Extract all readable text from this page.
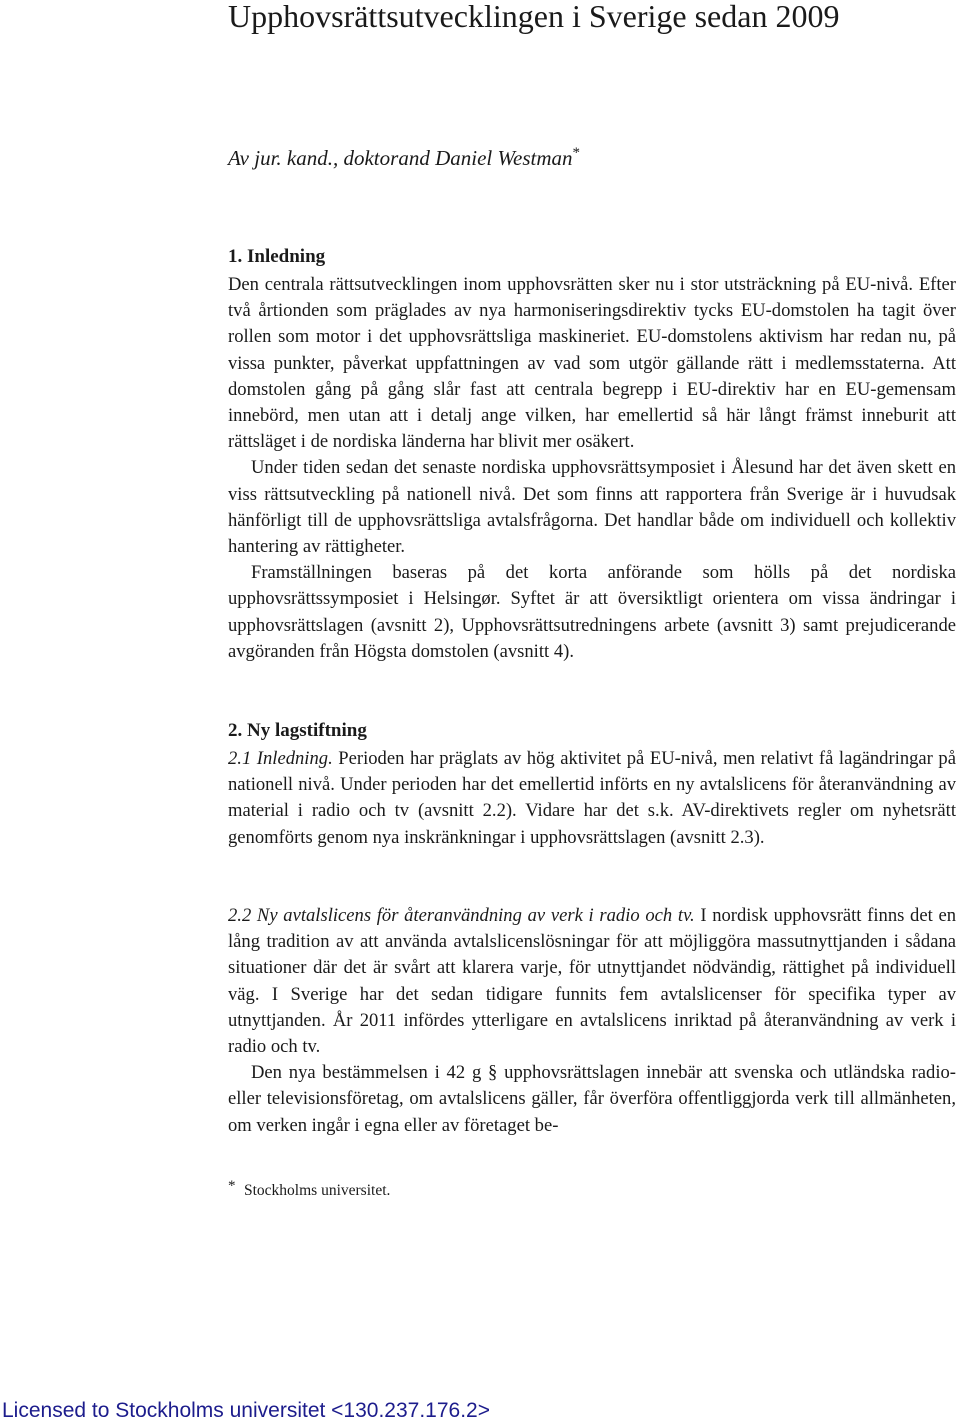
Upphovsrättsutvecklingen i Sverige sedan 2009
Av jur. kand., doktorand Daniel Westman*
1. Inledning

Den centrala rättsutvecklingen inom upphovsrätten sker nu i stor utsträckning på EU-nivå. Efter två årtionden som präglades av nya harmoniseringsdirektiv tycks EU-domstolen ha tagit över rollen som motor i det upphovsrättsliga maskineriet. EU-domstolens aktivism har redan nu, på vissa punkter, påverkat uppfattningen av vad som utgör gällande rätt i medlemsstaterna. Att domstolen gång på gång slår fast att centrala begrepp i EU-direktiv har en EU-gemensam innebörd, men utan att i detalj ange vilken, har emellertid så här långt främst inneburit att rättsläget i de nordiska länderna har blivit mer osäkert.

Under tiden sedan det senaste nordiska upphovsrättsymposiet i Ålesund har det även skett en viss rättsutveckling på nationell nivå. Det som finns att rapportera från Sverige är i huvudsak hänförligt till de upphovsrättsliga avtalsfrågorna. Det handlar både om individuell och kollektiv hantering av rättigheter.

Framställningen baseras på det korta anförande som hölls på det nordiska upphovsrättssymposiet i Helsingør. Syftet är att översiktligt orientera om vissa ändringar i upphovsrättslagen (avsnitt 2), Upphovsrättsutredningens arbete (avsnitt 3) samt prejudicerande avgöranden från Högsta domstolen (avsnitt 4).

2. Ny lagstiftning

2.1 Inledning. Perioden har präglats av hög aktivitet på EU-nivå, men relativt få lagändringar på nationell nivå. Under perioden har det emellertid införts en ny avtalslicens för återanvändning av material i radio och tv (avsnitt 2.2). Vidare har det s.k. AV-direktivets regler om nyhetsrätt genomförts genom nya inskränkningar i upphovsrättslagen (avsnitt 2.3).

2.2 Ny avtalslicens för återanvändning av verk i radio och tv. I nordisk upphovsrätt finns det en lång tradition av att använda avtalslicenslösningar för att möjliggöra massutnyttjanden i sådana situationer där det är svårt att klarera varje, för utnyttjandet nödvändig, rättighet på individuell väg. I Sverige har det sedan tidigare funnits fem avtalslicenser för specifika typer av utnyttjanden. År 2011 infördes ytterligare en avtalslicens inriktad på återanvändning av verk i radio och tv.

Den nya bestämmelsen i 42 g § upphovsrättslagen innebär att svenska och utländska radio- eller televisionsföretag, om avtalslicens gäller, får överföra offentliggjorda verk till allmänheten, om verken ingår i egna eller av företaget be-

* Stockholms universitet.
Licensed to Stockholms universitet <130.237.176.2>
